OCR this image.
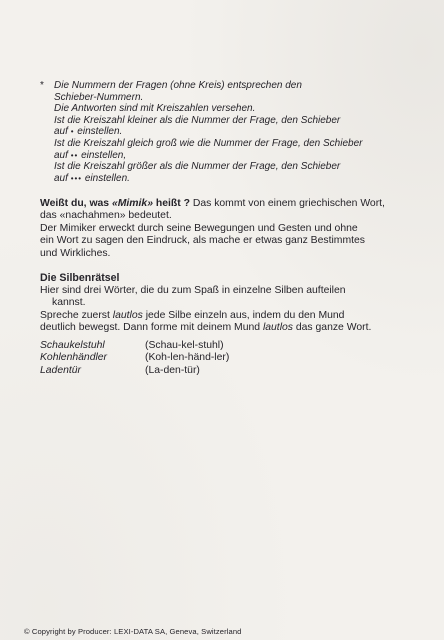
*	Die Nummern der Fragen (ohne Kreis) entsprechen den
Schieber-Nummern.
Die Antworten sind mit Kreiszahlen versehen.
Ist die Kreiszahl kleiner als die Nummer der Frage, den Schieber
auf • einstellen.
Ist die Kreiszahl gleich groß wie die Nummer der Frage, den Schieber
auf •• einstellen,
Ist die Kreiszahl größer als die Nummer der Frage, den Schieber
auf ••• einstellen.

Weißt du, was «Mimik» heißt ? Das kommt von einem griechischen Wort,
das «nachahmen» bedeutet.
Der Mimiker erweckt durch seine Bewegungen und Gesten und ohne
ein Wort zu sagen den Eindruck, als mache er etwas ganz Bestimmtes
und Wirkliches.

Die Silbenrätsel

Hier sind drei Wörter, die du zum Spaß in einzelne Silben aufteilen

kannst.

Spreche zuerst lautlos jede Silbe einzeln aus, indem du den Mund
deutlich bewegst. Dann forme mit deinem Mund lautlos das ganze Wort.

Schaukelstuhl	(Schau-kel-stuhl)
Kohlenhändler	(Koh-len-händ-ler)
Ladentür	(La-den-tür)
© Copyright by Producer: LEXI-DATA SA, Geneva, Switzerland
